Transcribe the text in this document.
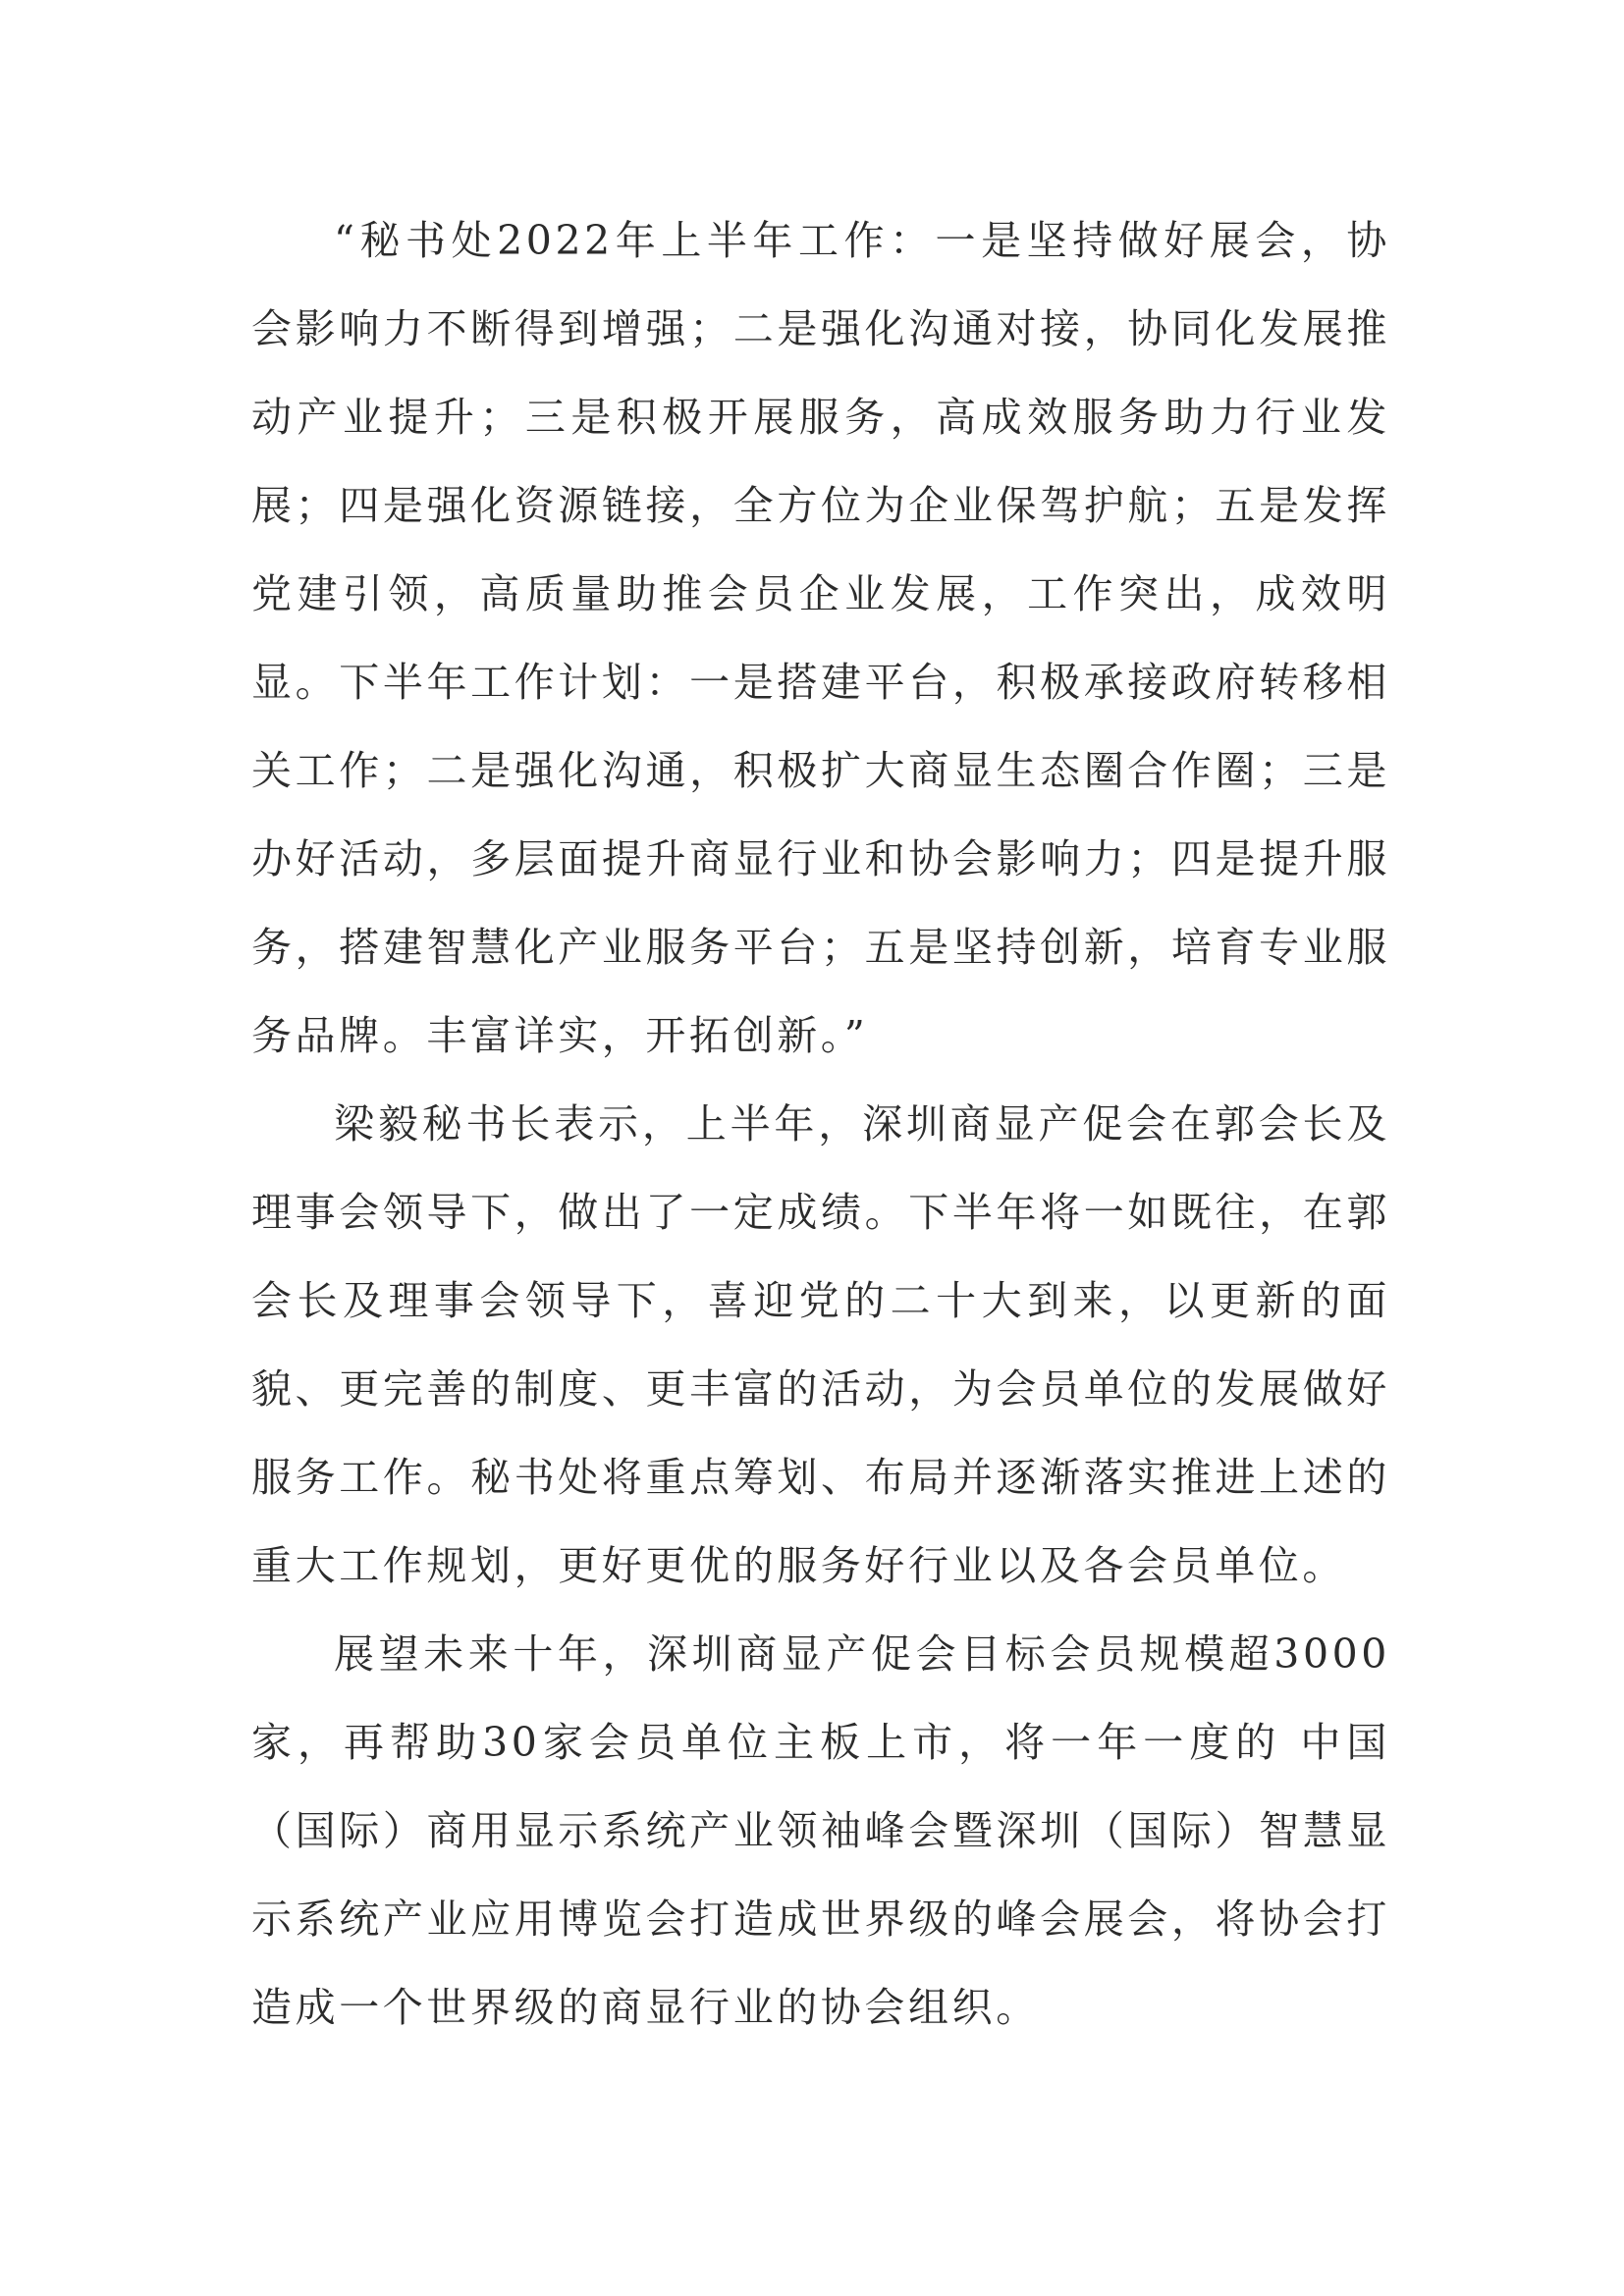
“秘书处2022年上半年工作：一是坚持做好展会，协会影响力不断得到增强；二是强化沟通对接，协同化发展推动产业提升；三是积极开展服务，高成效服务助力行业发展；四是强化资源链接，全方位为企业保驾护航；五是发挥党建引领，高质量助推会员企业发展，工作突出，成效明显。下半年工作计划：一是搭建平台，积极承接政府转移相关工作；二是强化沟通，积极扩大商显生态圈合作圈；三是办好活动，多层面提升商显行业和协会影响力；四是提升服务，搭建智慧化产业服务平台；五是坚持创新，培育专业服务品牌。丰富详实，开拓创新。”

梁毅秘书长表示，上半年，深圳商显产促会在郭会长及理事会领导下，做出了一定成绩。下半年将一如既往，在郭会长及理事会领导下，喜迎党的二十大到来，以更新的面貌、更完善的制度、更丰富的活动，为会员单位的发展做好服务工作。秘书处将重点筹划、布局并逐渐落实推进上述的重大工作规划，更好更优的服务好行业以及各会员单位。

展望未来十年，深圳商显产促会目标会员规模超3000家，再帮助30家会员单位主板上市，将一年一度的 中国（国际）商用显示系统产业领袖峰会暨深圳（国际）智慧显示系统产业应用博览会打造成世界级的峰会展会，将协会打造成一个世界级的商显行业的协会组织。
